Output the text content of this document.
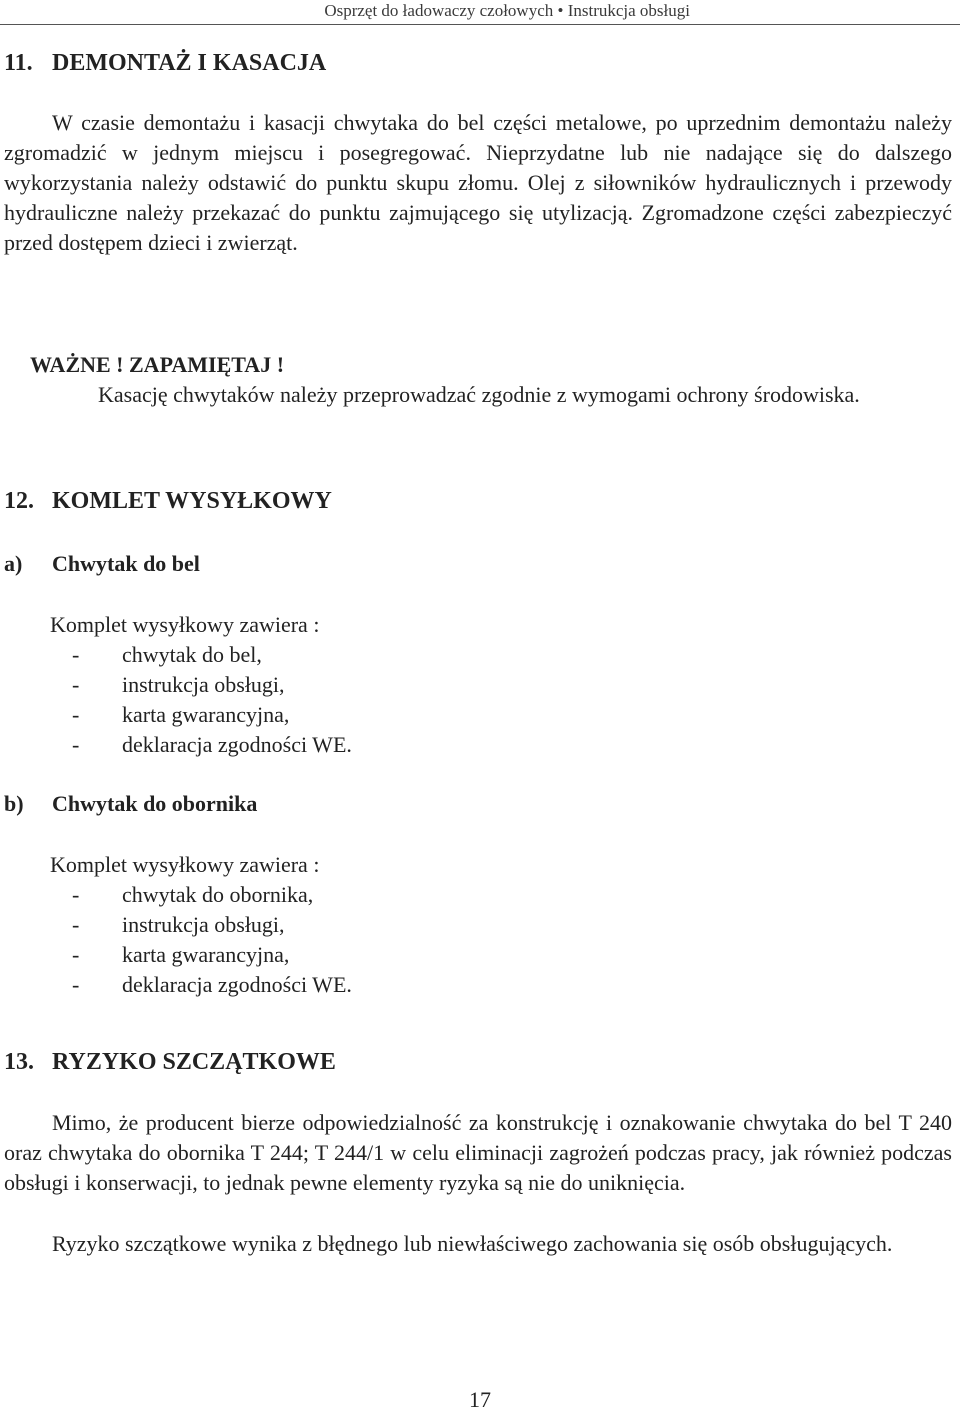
Osprzęt do ładowaczy czołowych • Instrukcja obsługi
11. DEMONTAŻ I KASACJA
W czasie demontażu i kasacji chwytaka do bel części metalowe, po uprzednim demontażu należy zgromadzić w jednym miejscu i posegregować. Nieprzydatne lub nie nadające się do dalszego wykorzystania należy odstawić do punktu skupu złomu. Olej z siłowników hydraulicznych i przewody hydrauliczne należy przekazać do punktu zajmującego się utylizacją. Zgromadzone części zabezpieczyć przed dostępem dzieci i zwierząt.
WAŻNE ! ZAPAMIĘTAJ !
Kasację chwytaków należy przeprowadzać zgodnie z wymogami ochrony środowiska.
12. KOMLET WYSYŁKOWY
a) Chwytak do bel
Komplet wysyłkowy zawiera :
- chwytak do bel,
- instrukcja obsługi,
- karta gwarancyjna,
- deklaracja zgodności WE.
b) Chwytak do obornika
Komplet wysyłkowy zawiera :
- chwytak do obornika,
- instrukcja obsługi,
- karta gwarancyjna,
- deklaracja zgodności WE.
13. RYZYKO SZCZĄTKOWE
Mimo, że producent bierze odpowiedzialność za konstrukcję i oznakowanie chwytaka do bel T 240 oraz chwytaka do obornika T 244; T 244/1 w celu eliminacji zagrożeń podczas pracy, jak również podczas obsługi i konserwacji, to jednak pewne elementy ryzyka są nie do uniknięcia.
Ryzyko szczątkowe wynika z błędnego lub niewłaściwego zachowania się osób obsługujących.
17
